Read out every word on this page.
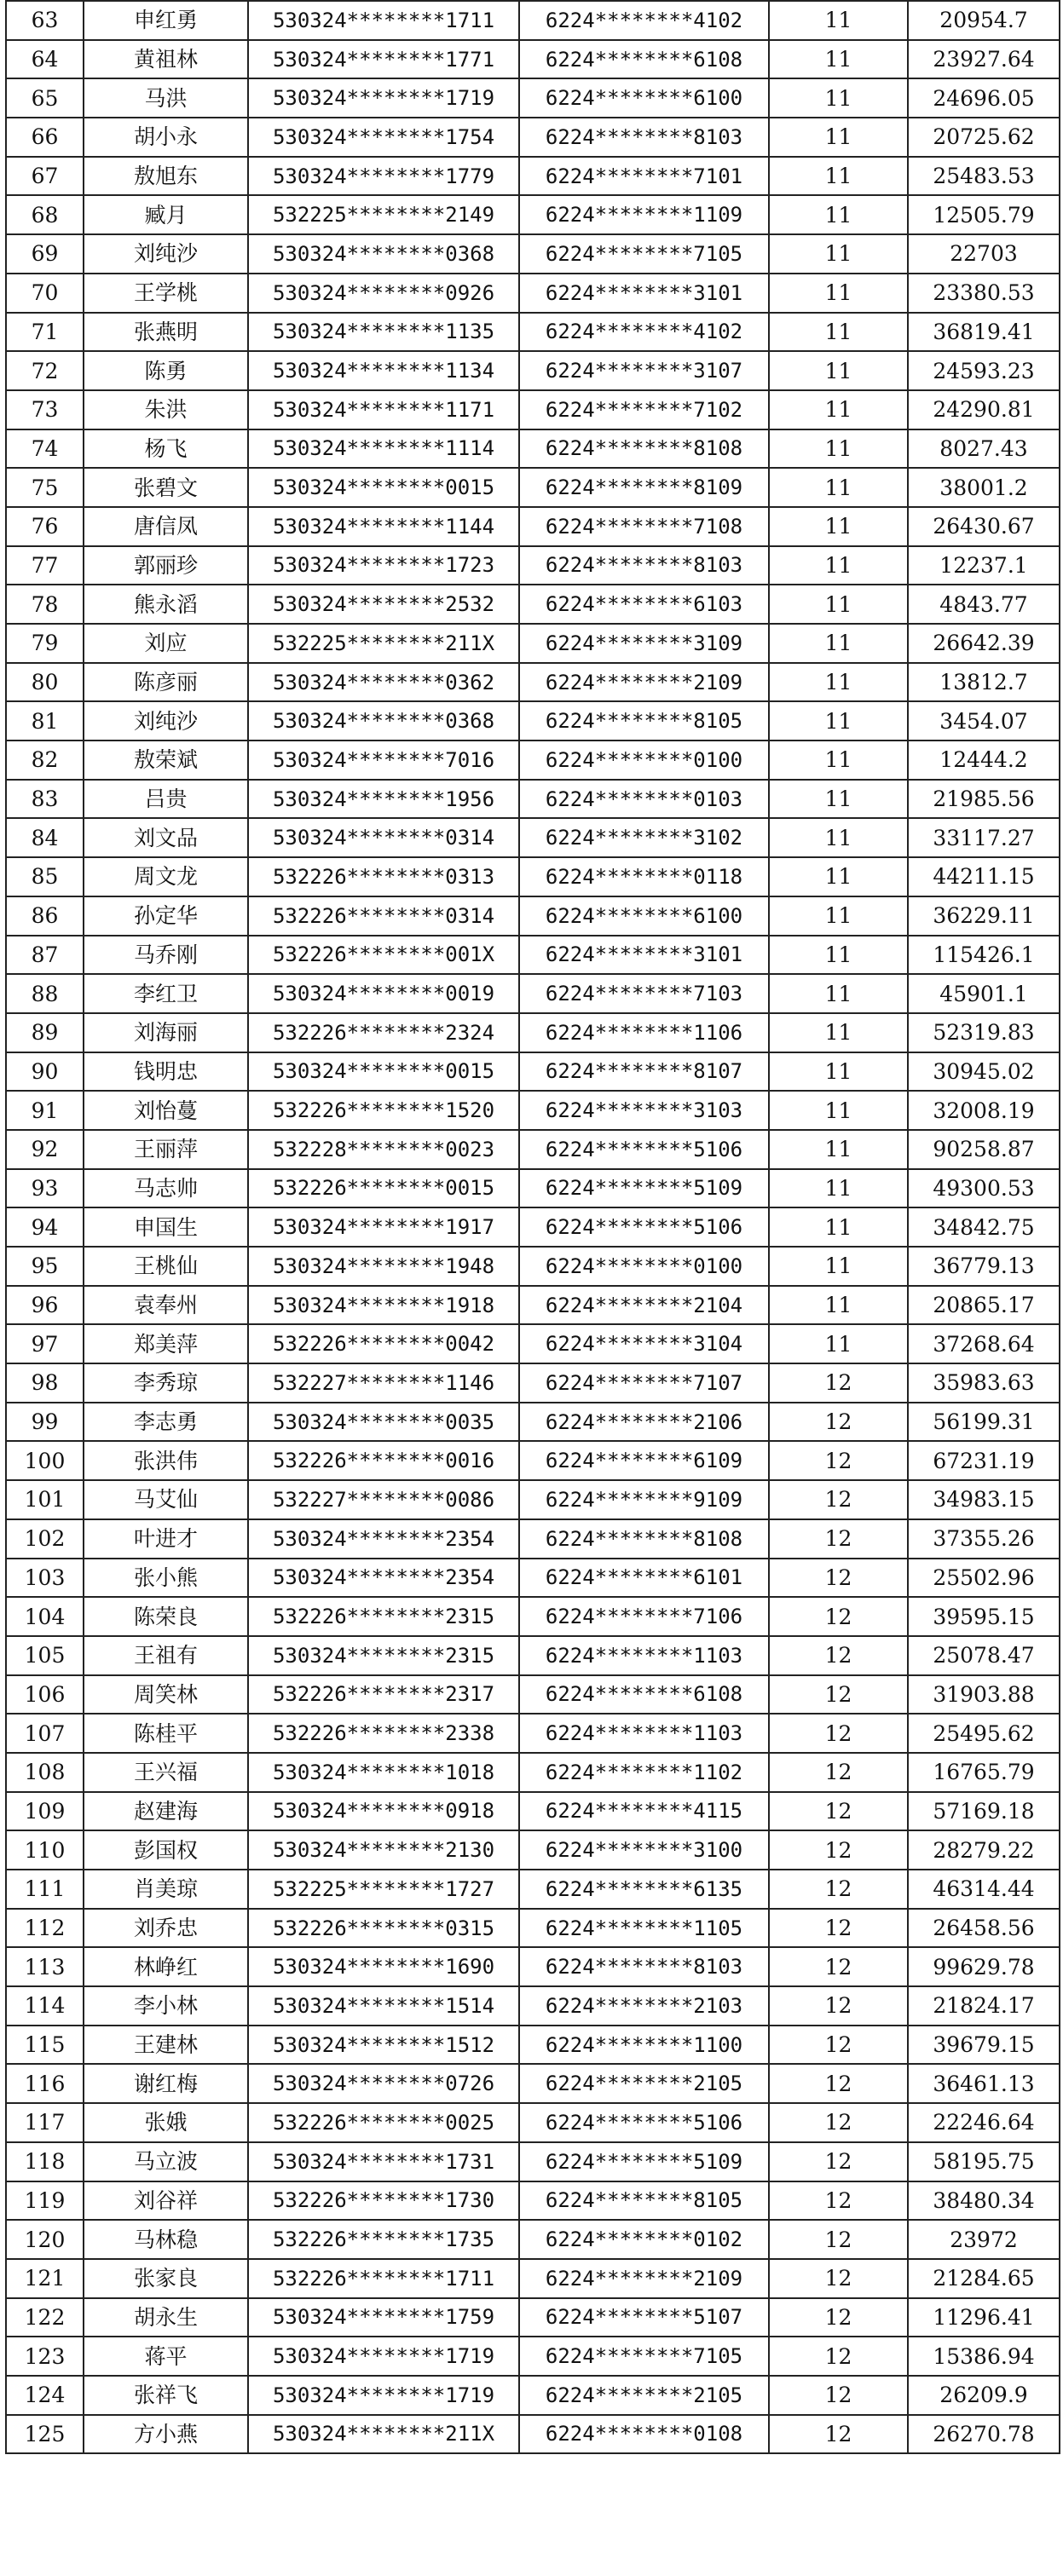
63	申红勇	530324********1711	6224********4102	11	20954.7
64	黄祖林	530324********1771	6224********6108	11	23927.64
65	马洪	530324********1719	6224********6100	11	24696.05
66	胡小永	530324********1754	6224********8103	11	20725.62
67	敖旭东	530324********1779	6224********7101	11	25483.53
68	臧月	532225********2149	6224********1109	11	12505.79
69	刘纯沙	530324********0368	6224********7105	11	22703
70	王学桃	530324********0926	6224********3101	11	23380.53
71	张燕明	530324********1135	6224********4102	11	36819.41
72	陈勇	530324********1134	6224********3107	11	24593.23
73	朱洪	530324********1171	6224********7102	11	24290.81
74	杨飞	530324********1114	6224********8108	11	8027.43
75	张碧文	530324********0015	6224********8109	11	38001.2
76	唐信凤	530324********1144	6224********7108	11	26430.67
77	郭丽珍	530324********1723	6224********8103	11	12237.1
78	熊永滔	530324********2532	6224********6103	11	4843.77
79	刘应	532225********211X	6224********3109	11	26642.39
80	陈彦丽	530324********0362	6224********2109	11	13812.7
81	刘纯沙	530324********0368	6224********8105	11	3454.07
82	敖荣斌	530324********7016	6224********0100	11	12444.2
83	吕贵	530324********1956	6224********0103	11	21985.56
84	刘文品	530324********0314	6224********3102	11	33117.27
85	周文龙	532226********0313	6224********0118	11	44211.15
86	孙定华	532226********0314	6224********6100	11	36229.11
87	马乔刚	532226********001X	6224********3101	11	115426.1
88	李红卫	530324********0019	6224********7103	11	45901.1
89	刘海丽	532226********2324	6224********1106	11	52319.83
90	钱明忠	530324********0015	6224********8107	11	30945.02
91	刘怡蔓	532226********1520	6224********3103	11	32008.19
92	王丽萍	532228********0023	6224********5106	11	90258.87
93	马志帅	532226********0015	6224********5109	11	49300.53
94	申国生	530324********1917	6224********5106	11	34842.75
95	王桃仙	530324********1948	6224********0100	11	36779.13
96	袁奉州	530324********1918	6224********2104	11	20865.17
97	郑美萍	532226********0042	6224********3104	11	37268.64
98	李秀琼	532227********1146	6224********7107	12	35983.63
99	李志勇	530324********0035	6224********2106	12	56199.31
100	张洪伟	532226********0016	6224********6109	12	67231.19
101	马艾仙	532227********0086	6224********9109	12	34983.15
102	叶进才	530324********2354	6224********8108	12	37355.26
103	张小熊	530324********2354	6224********6101	12	25502.96
104	陈荣良	532226********2315	6224********7106	12	39595.15
105	王祖有	530324********2315	6224********1103	12	25078.47
106	周笑林	532226********2317	6224********6108	12	31903.88
107	陈桂平	532226********2338	6224********1103	12	25495.62
108	王兴福	530324********1018	6224********1102	12	16765.79
109	赵建海	530324********0918	6224********4115	12	57169.18
110	彭国权	530324********2130	6224********3100	12	28279.22
111	肖美琼	532225********1727	6224********6135	12	46314.44
112	刘乔忠	532226********0315	6224********1105	12	26458.56
113	林峥红	530324********1690	6224********8103	12	99629.78
114	李小林	530324********1514	6224********2103	12	21824.17
115	王建林	530324********1512	6224********1100	12	39679.15
116	谢红梅	530324********0726	6224********2105	12	36461.13
117	张娥	532226********0025	6224********5106	12	22246.64
118	马立波	530324********1731	6224********5109	12	58195.75
119	刘谷祥	532226********1730	6224********8105	12	38480.34
120	马林稳	532226********1735	6224********0102	12	23972
121	张家良	532226********1711	6224********2109	12	21284.65
122	胡永生	530324********1759	6224********5107	12	11296.41
123	蒋平	530324********1719	6224********7105	12	15386.94
124	张祥飞	530324********1719	6224********2105	12	26209.9
125	方小燕	530324********211X	6224********0108	12	26270.78
